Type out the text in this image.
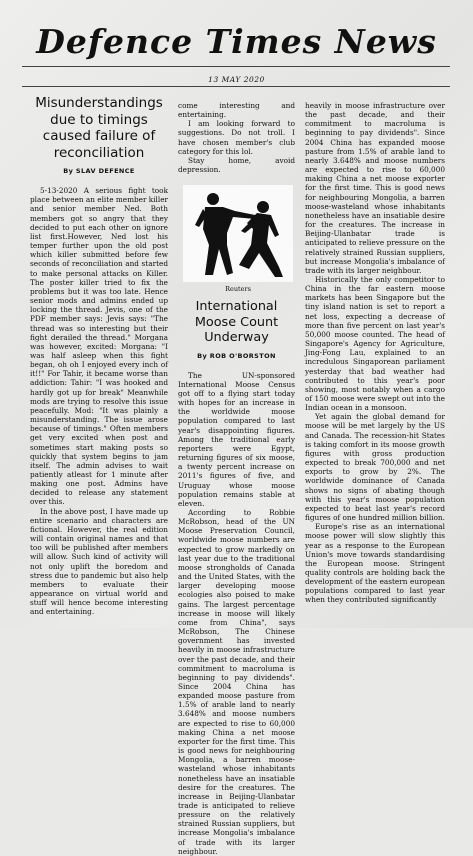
Defence Times News
13 MAY 2020
Misunderstandings due to timings caused failure of reconciliation
By SLAV DEFENCE

5-13-2020 A serious fight took place between an elite member killer and senior member Ned. Both members got so angry that they decided to put each other on ignore list first.However, Ned lost his temper further upon the old post which killer submitted before few seconds of reconciliation and started to make personal attacks on Killer. The poster killer tried to fix the problems but it was too late. Hence senior mods and admins ended up locking the thread. Jevis, one of the PDF member says: Jevis says: "The thread was so interesting but their fight derailed the thread." Morgana was however, excited: Morgana: "I was half asleep when this fight began, oh oh I enjoyed every inch of it!!" For Tahir, it became worse than addiction: Tahir: "I was hooked and hardly got up for break" Meanwhile mods are trying to resolve this issue peacefully. Mod: "It was plainly a misunderstanding. The issue arose because of timings." Often members get very excited when post and sometimes start making posts so quickly that system begins to jam itself. The admin advises to wait patiently atleast for 1 minute after making one post. Admins have decided to release any statement over this.

In the above post, I have made up entire scenario and characters are fictional. However, the real edition will contain original names and that too will be published after members will allow. Such kind of activity will not only uplift the boredom and stress due to pandemic but also help members to evaluate their appearance on virtual world and stuff will hence become interesting and entertaining.

come interesting and entertaining.

I am looking forward to suggestions. Do not troll. I have chosen member's club category for this lol.

Stay home, avoid depression.

Reuters
International Moose Count Underway
By ROB O'BORSTON

The UN-sponsored International Moose Census got off to a flying start today with hopes for an increase in the worldwide moose population compared to last year's disappointing figures. Among the traditional early reporters were Egypt, returning figures of six moose, a twenty percent increase on 2011's figures of five, and Uruguay whose moose population remains stable at eleven.

According to Robbie McRobson, head of the UN Moose Preservation Council, worldwide moose numbers are expected to grow markedly on last year due to the traditional moose strongholds of Canada and the United States, with the larger developing moose ecologies also poised to make gains. The largest percentage increase in moose will likely come from China", says McRobson, The Chinese government has invested heavily in moose infrastructure over the past decade, and their commitment to macroluma is beginning to pay dividends". Since 2004 China has expanded moose pasture from 1.5% of arable land to nearly 3.648% and moose numbers are expected to rise to 60,000 making China a net moose exporter for the first time. This is good news for neighbouring Mongolia, a barren moose-wasteland whose inhabitants nonetheless have an insatiable desire for the creatures. The increase in Beijing-Ulanbatar trade is anticipated to relieve pressure on the relatively strained Russian suppliers, but increase Mongolia's imbalance of trade with its larger neighbour.

heavily in moose infrastructure over the past decade, and their commitment to macroluma is beginning to pay dividends". Since 2004 China has expanded moose pasture from 1.5% of arable land to nearly 3.648% and moose numbers are expected to rise to 60,000 making China a net moose exporter for the first time. This is good news for neighbouring Mongolia, a barren moose-wasteland whose inhabitants nonetheless have an insatiable desire for the creatures. The increase in Beijing-Ulanbatar trade is anticipated to relieve pressure on the relatively strained Russian suppliers, but increase Mongolia's imbalance of trade with its larger neighbour.

Historically the only competitor to China in the far eastern moose markets has been Singapore but the tiny island nation is set to report a net loss, expecting a decrease of more than five percent on last year's 50,000 moose counted. The head of Singapore's Agency for Agriculture, Jing-Fong Lau, explained to an incredulous Singaporean parliament yesterday that bad weather had contributed to this year's poor showing, most notably when a cargo of 150 moose were swept out into the Indian ocean in a monsoon.

Yet again the global demand for moose will be met largely by the US and Canada. The recession-hit States is taking comfort in its moose growth figures with gross production expected to break 700,000 and net exports to grow by 2%. The worldwide dominance of Canada shows no signs of abating though with this year's moose population expected to beat last year's record figures of one hundred million billion.

Europe's rise as an international moose power will slow slightly this year as a response to the European Union's move towards standardising the European moose. Stringent quality controls are holding back the development of the eastern european populations compared to last year when they contributed significantly
